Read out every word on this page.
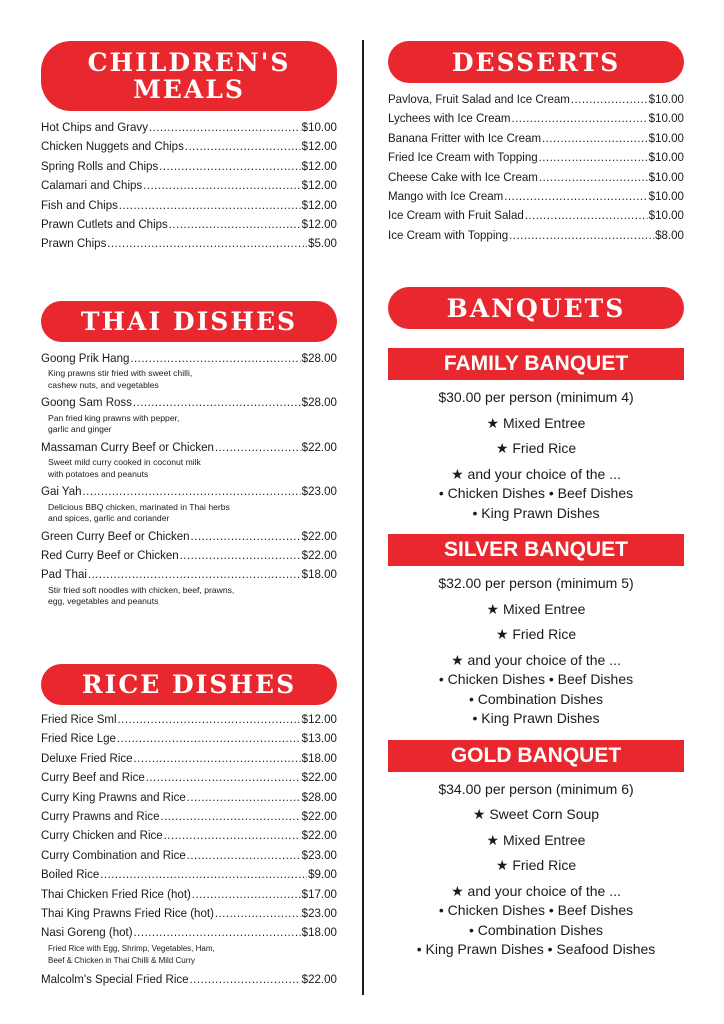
CHILDREN'S
MEALS
Hot Chips and Gravy .....	$10.00
Chicken Nuggets and Chips .....	$12.00
Spring Rolls and Chips .....	$12.00
Calamari and Chips .....	$12.00
Fish and Chips .....	$12.00
Prawn Cutlets and Chips .....	$12.00
Prawn Chips .....	$5.00
THAI DISHES
Goong Prik Hang .....	$28.00
King prawns stir fried with sweet chilli,
cashew nuts, and vegetables
Goong Sam Ross .....	$28.00
Pan fried king prawns with pepper,
garlic and ginger
Massaman Curry Beef or Chicken .....	$22.00
Sweet mild curry cooked in coconut milk
with potatoes and peanuts
Gai Yah .....	$23.00
Delicious BBQ chicken, marinated in Thai herbs
and spices, garlic and coriander
Green Curry Beef or Chicken .....	$22.00
Red Curry Beef or Chicken .....	$22.00
Pad Thai .....	$18.00
Stir fried soft noodles with chicken, beef, prawns,
egg, vegetables and peanuts
RICE DISHES
Fried Rice Sml .....	$12.00
Fried Rice Lge .....	$13.00
Deluxe Fried Rice .....	$18.00
Curry Beef and Rice .....	$22.00
Curry King Prawns and Rice .....	$28.00
Curry Prawns and Rice .....	$22.00
Curry Chicken and Rice .....	$22.00
Curry Combination and Rice .....	$23.00
Boiled Rice .....	$9.00
Thai Chicken Fried Rice (hot) .....	$17.00
Thai King Prawns Fried Rice (hot) .....	$23.00
Nasi Goreng (hot) .....	$18.00
Fried Rice with Egg, Shrimp, Vegetables, Ham,
Beef & Chicken in Thai Chilli & Mild Curry
Malcolm's Special Fried Rice .....	$22.00
DESSERTS
Pavlova, Fruit Salad and Ice Cream .....	$10.00
Lychees with Ice Cream .....	$10.00
Banana Fritter with Ice Cream .....	$10.00
Fried Ice Cream with Topping .....	$10.00
Cheese Cake with Ice Cream .....	$10.00
Mango with Ice Cream .....	$10.00
Ice Cream with Fruit Salad .....	$10.00
Ice Cream with Topping .....	$8.00
BANQUETS
FAMILY BANQUET
$30.00 per person (minimum 4)
★ Mixed Entree
★ Fried Rice
★ and your choice of the ...
• Chicken Dishes • Beef Dishes
• King Prawn Dishes
SILVER BANQUET
$32.00 per person (minimum 5)
★ Mixed Entree
★ Fried Rice
★ and your choice of the ...
• Chicken Dishes • Beef Dishes
• Combination Dishes
• King Prawn Dishes
GOLD BANQUET
$34.00 per person (minimum 6)
★ Sweet Corn Soup
★ Mixed Entree
★ Fried Rice
★ and your choice of the ...
• Chicken Dishes • Beef Dishes
• Combination Dishes
• King Prawn Dishes • Seafood Dishes
